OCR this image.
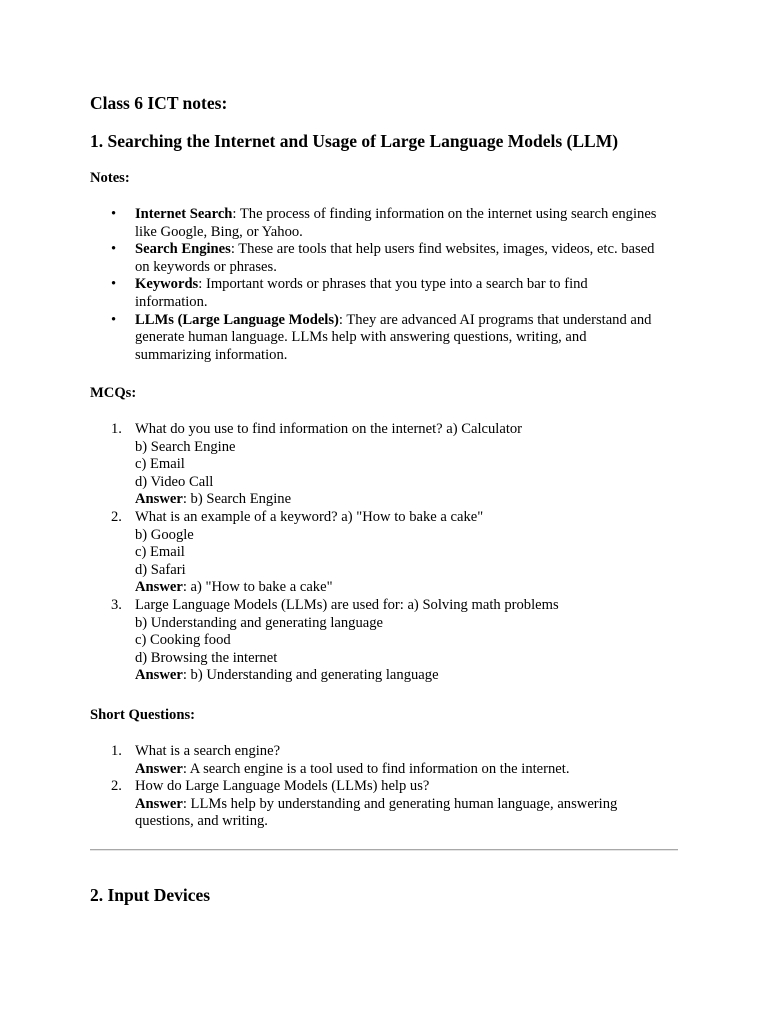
Class 6 ICT notes:
1. Searching the Internet and Usage of Large Language Models (LLM)
Notes:
• Internet Search: The process of finding information on the internet using search engines
like Google, Bing, or Yahoo.
• Search Engines: These are tools that help users find websites, images, videos, etc. based
on keywords or phrases.
• Keywords: Important words or phrases that you type into a search bar to find
information.
• LLMs (Large Language Models): They are advanced AI programs that understand and
generate human language. LLMs help with answering questions, writing, and
summarizing information.
MCQs:
1. What do you use to find information on the internet? a) Calculator
b) Search Engine
c) Email
d) Video Call
Answer: b) Search Engine
2. What is an example of a keyword? a) "How to bake a cake"
b) Google
c) Email
d) Safari
Answer: a) "How to bake a cake"
3. Large Language Models (LLMs) are used for: a) Solving math problems
b) Understanding and generating language
c) Cooking food
d) Browsing the internet
Answer: b) Understanding and generating language
Short Questions:
1. What is a search engine?
Answer: A search engine is a tool used to find information on the internet.
2. How do Large Language Models (LLMs) help us?
Answer: LLMs help by understanding and generating human language, answering
questions, and writing.
2. Input Devices
